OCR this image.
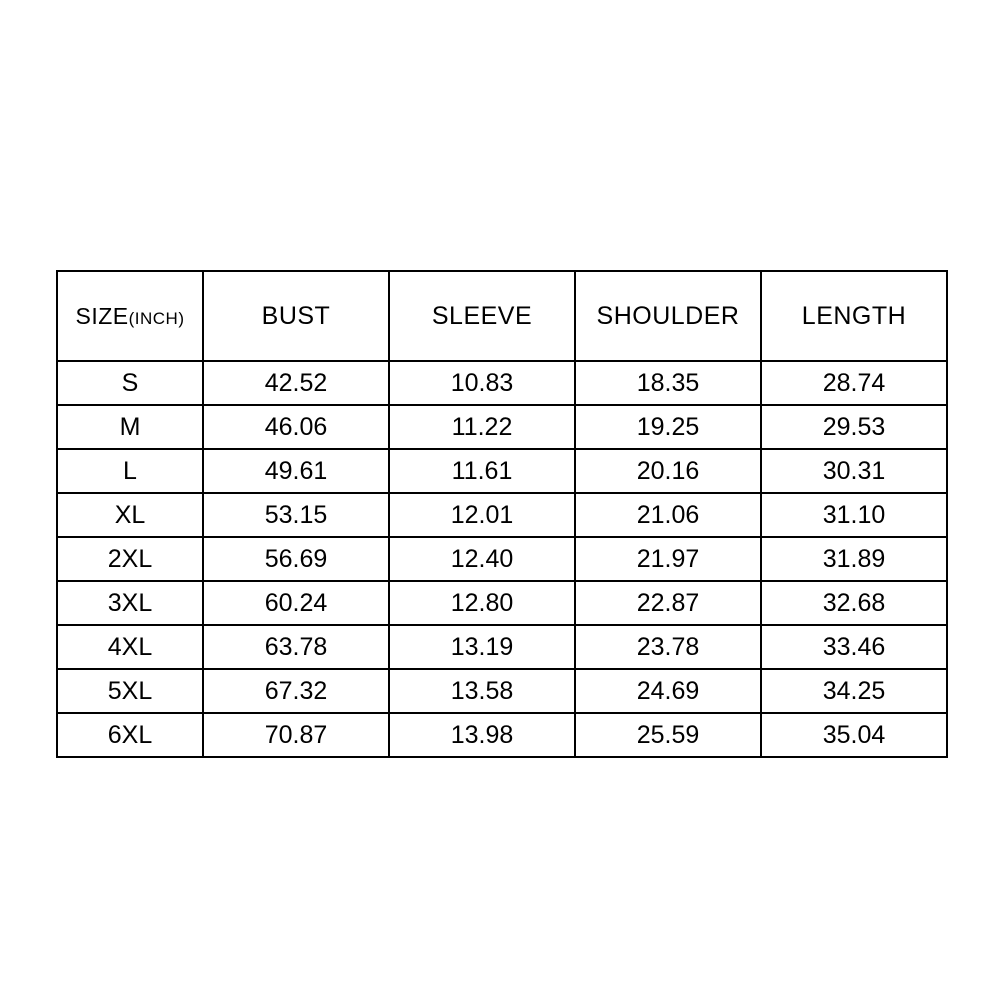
SIZE(INCH)	BUST	SLEEVE	SHOULDER	LENGTH
S	42.52	10.83	18.35	28.74
M	46.06	11.22	19.25	29.53
L	49.61	11.61	20.16	30.31
XL	53.15	12.01	21.06	31.10
2XL	56.69	12.40	21.97	31.89
3XL	60.24	12.80	22.87	32.68
4XL	63.78	13.19	23.78	33.46
5XL	67.32	13.58	24.69	34.25
6XL	70.87	13.98	25.59	35.04
